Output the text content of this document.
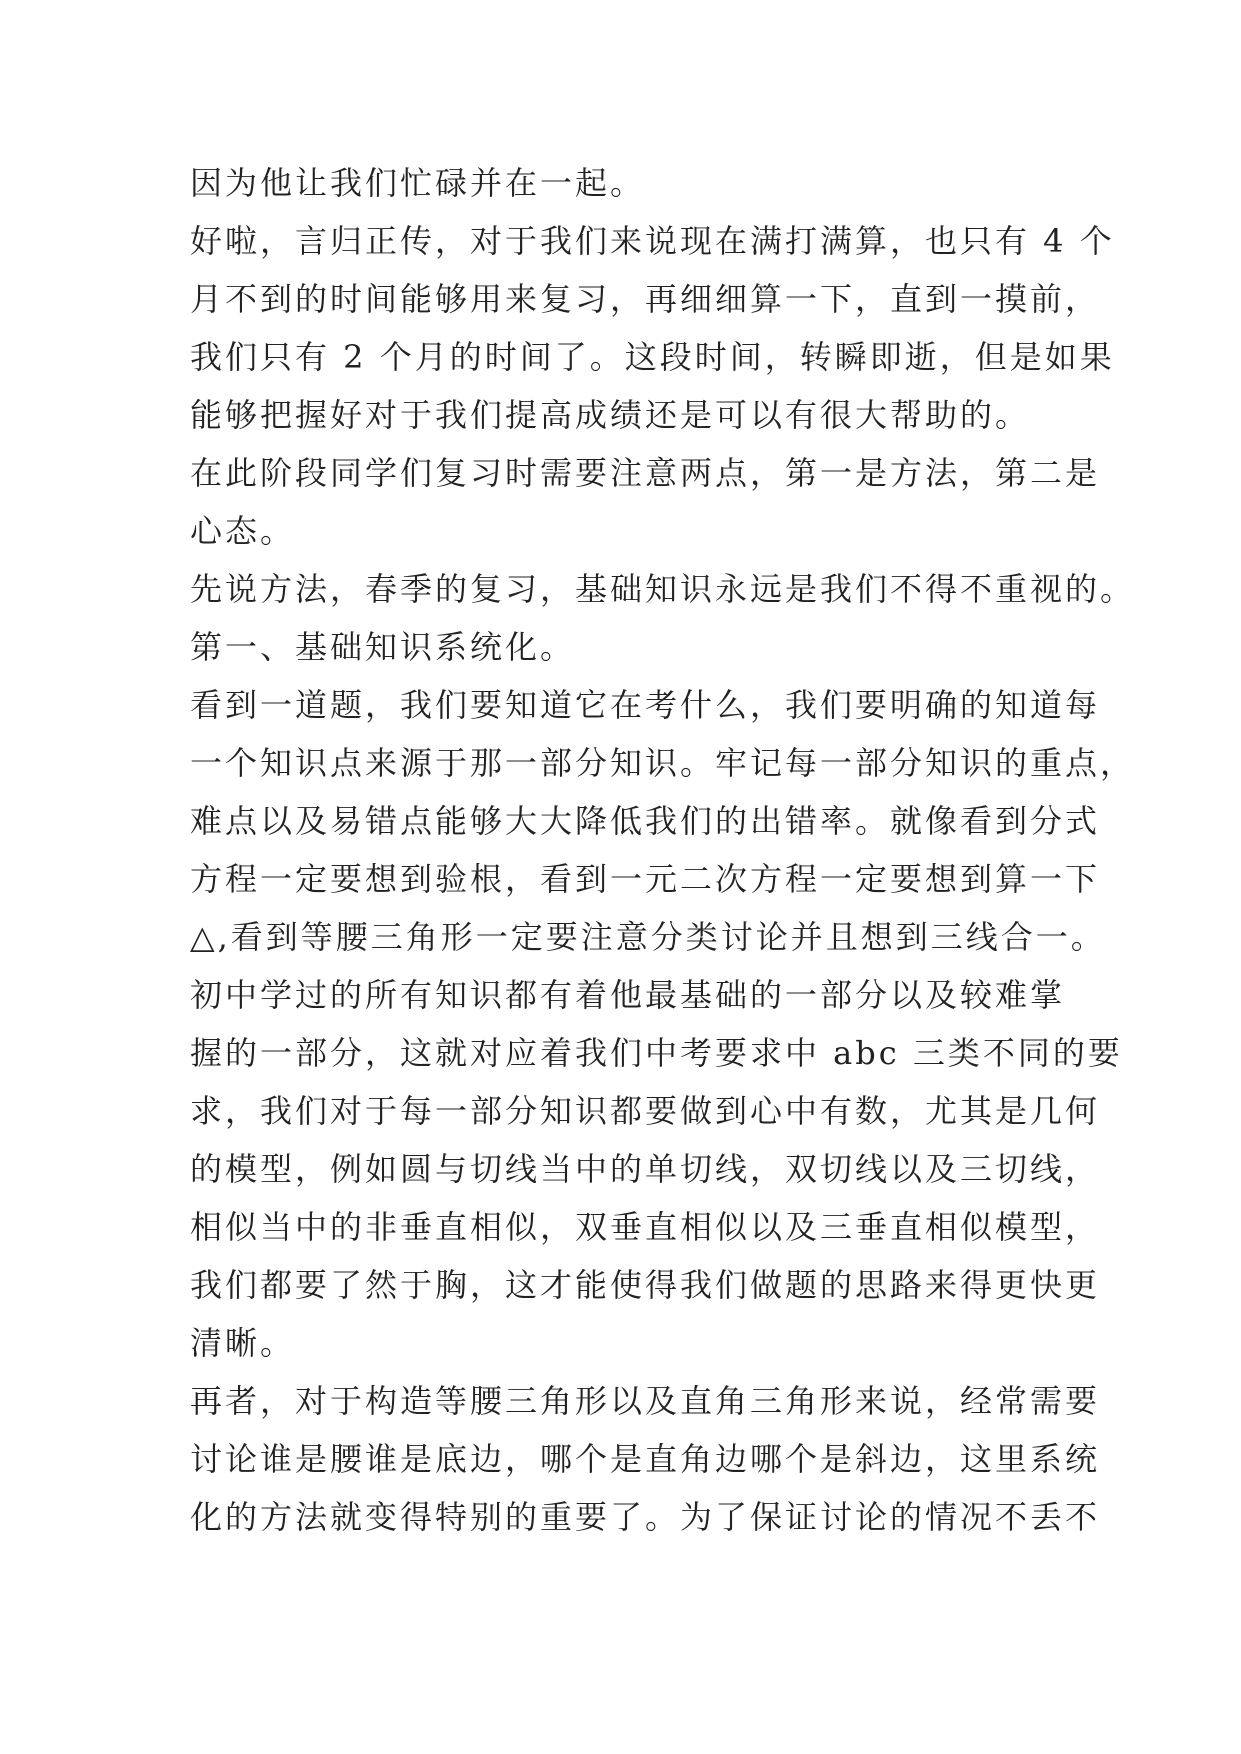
因为他让我们忙碌并在一起。
好啦，言归正传，对于我们来说现在满打满算，也只有 4 个
月不到的时间能够用来复习，再细细算一下，直到一摸前，
我们只有 2 个月的时间了。这段时间，转瞬即逝，但是如果
能够把握好对于我们提高成绩还是可以有很大帮助的。
在此阶段同学们复习时需要注意两点，第一是方法，第二是
心态。
先说方法，春季的复习，基础知识永远是我们不得不重视的。
第一、基础知识系统化。
看到一道题，我们要知道它在考什么，我们要明确的知道每
一个知识点来源于那一部分知识。牢记每一部分知识的重点，
难点以及易错点能够大大降低我们的出错率。就像看到分式
方程一定要想到验根，看到一元二次方程一定要想到算一下
△,看到等腰三角形一定要注意分类讨论并且想到三线合一。
初中学过的所有知识都有着他最基础的一部分以及较难掌
握的一部分，这就对应着我们中考要求中 abc 三类不同的要
求，我们对于每一部分知识都要做到心中有数，尤其是几何
的模型，例如圆与切线当中的单切线，双切线以及三切线，
相似当中的非垂直相似，双垂直相似以及三垂直相似模型，
我们都要了然于胸，这才能使得我们做题的思路来得更快更
清晰。
再者，对于构造等腰三角形以及直角三角形来说，经常需要
讨论谁是腰谁是底边，哪个是直角边哪个是斜边，这里系统
化的方法就变得特别的重要了。为了保证讨论的情况不丢不
